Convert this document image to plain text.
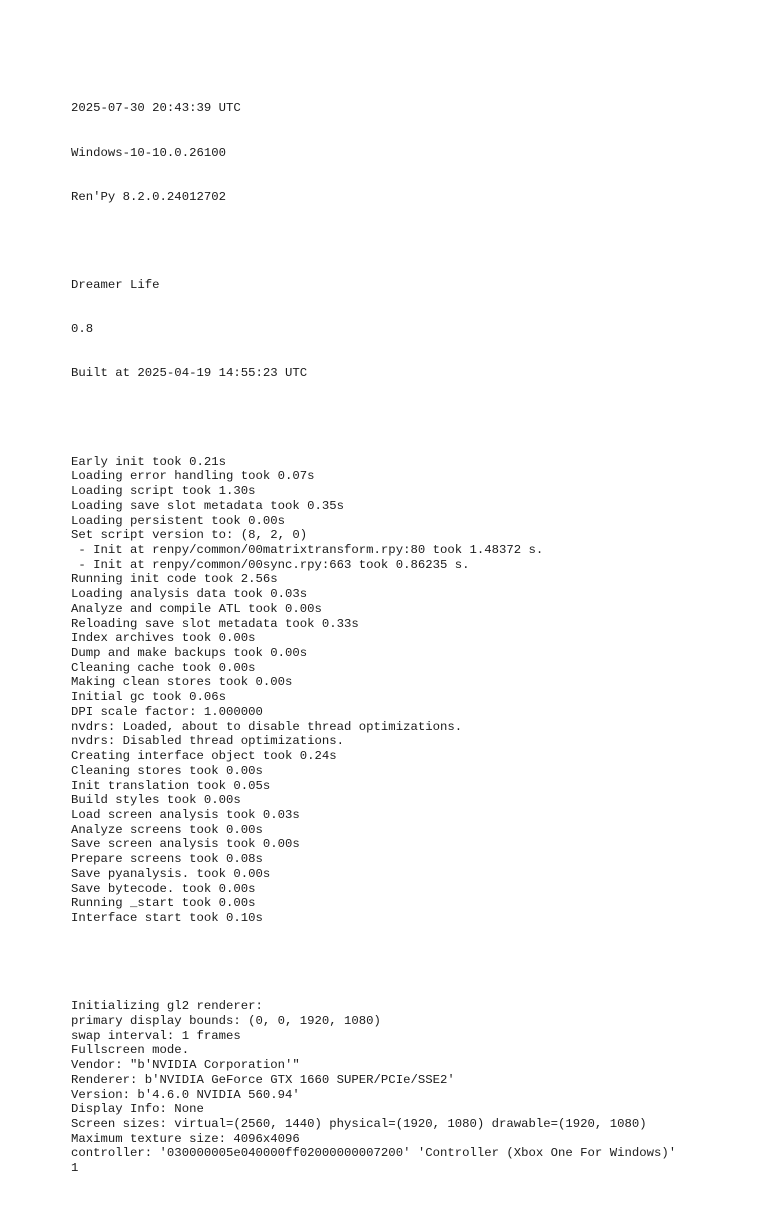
2025-07-30 20:43:39 UTC

Windows-10-10.0.26100

Ren'Py 8.2.0.24012702

Dreamer Life

0.8

Built at 2025-04-19 14:55:23 UTC

Early init took 0.21s
Loading error handling took 0.07s
Loading script took 1.30s
Loading save slot metadata took 0.35s
Loading persistent took 0.00s
Set script version to: (8, 2, 0)
- Init at renpy/common/00matrixtransform.rpy:80 took 1.48372 s.
- Init at renpy/common/00sync.rpy:663 took 0.86235 s.
Running init code took 2.56s
Loading analysis data took 0.03s
Analyze and compile ATL took 0.00s
Reloading save slot metadata took 0.33s
Index archives took 0.00s
Dump and make backups took 0.00s
Cleaning cache took 0.00s
Making clean stores took 0.00s
Initial gc took 0.06s
DPI scale factor: 1.000000
nvdrs: Loaded, about to disable thread optimizations.
nvdrs: Disabled thread optimizations.
Creating interface object took 0.24s
Cleaning stores took 0.00s
Init translation took 0.05s
Build styles took 0.00s
Load screen analysis took 0.03s
Analyze screens took 0.00s
Save screen analysis took 0.00s
Prepare screens took 0.08s
Save pyanalysis. took 0.00s
Save bytecode. took 0.00s
Running _start took 0.00s
Interface start took 0.10s

Initializing gl2 renderer:
primary display bounds: (0, 0, 1920, 1080)
swap interval: 1 frames
Fullscreen mode.
Vendor: "b'NVIDIA Corporation'"
Renderer: b'NVIDIA GeForce GTX 1660 SUPER/PCIe/SSE2'
Version: b'4.6.0 NVIDIA 560.94'
Display Info: None
Screen sizes: virtual=(2560, 1440) physical=(1920, 1080) drawable=(1920, 1080)
Maximum texture size: 4096x4096
controller: '030000005e040000ff02000000007200' 'Controller (Xbox One For Windows)'
1
